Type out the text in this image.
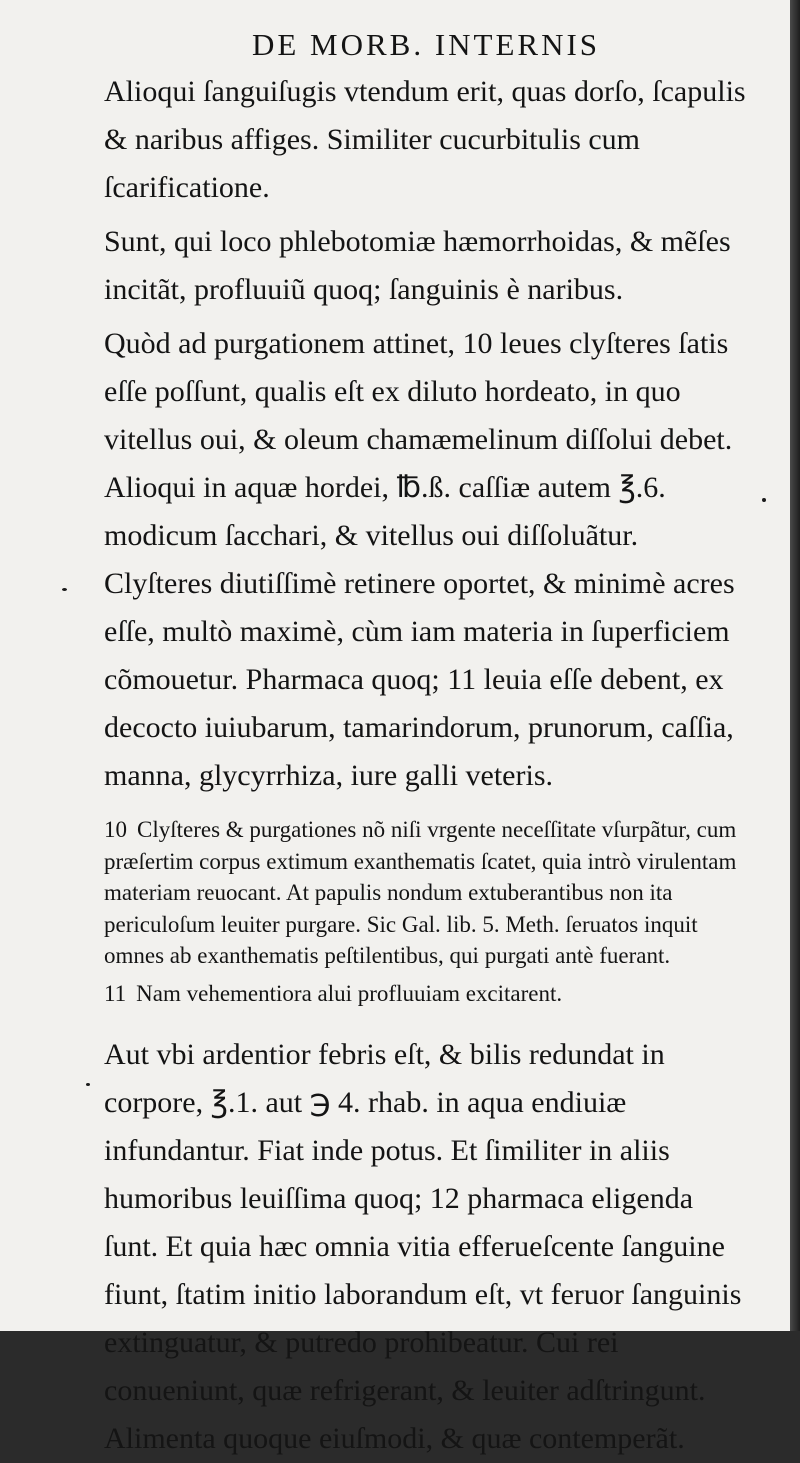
DE MORB. INTERNIS

Alioqui ſanguiſugis vtendum erit, quas dorſo, ſcapulis & naribus affiges. Similiter cucurbitulis cum ſcarificatione.

Sunt, qui loco phlebotomiæ hæmorrhoidas, & mẽſes incitãt, profluuiũ quoq; ſanguinis è naribus.

Quòd ad purgationem attinet, 10 leues clyſteres ſatis eſſe poſſunt, qualis eſt ex diluto hordeato, in quo vitellus oui, & oleum chamæmelinum diſſolui debet. Alioqui in aquæ hordei, ℔.ß. caſſiæ autem ℥.6. modicum ſacchari, & vitellus oui diſſoluãtur. Clyſteres diutiſſimè retinere oportet, & minimè acres eſſe, multò maximè, cùm iam materia in ſuperficiem cõmouetur. Pharmaca quoq; 11 leuia eſſe debent, ex decocto iuiubarum, tamarindorum, prunorum, caſſia, manna, glycyrrhiza, iure galli veteris.

10 Clyſteres & purgationes nõ niſi vrgente neceſſitate vſurpãtur, cum præſertim corpus extimum exanthematis ſcatet, quia intrò virulentam materiam reuocant. At papulis nondum extuberantibus non ita periculoſum leuiter purgare. Sic Gal. lib. 5. Meth. ſeruatos inquit omnes ab exanthematis peſtilentibus, qui purgati antè fuerant.

11 Nam vehementiora alui profluuiam excitarent.

Aut vbi ardentior febris eſt, & bilis redundat in corpore, ℥.1. aut ℈ 4. rhab. in aqua endiuiæ infundantur. Fiat inde potus. Et ſimiliter in aliis humoribus leuiſſima quoq; 12 pharmaca eligenda ſunt. Et quia hæc omnia vitia efferueſcente ſanguine fiunt, ſtatim initio laborandum eſt, vt feruor ſanguinis extinguatur, & putredo prohibeatur. Cui rei conueniunt, quæ refrigerant, & leuiter adſtringunt. Alimenta quoque eiuſmodi, & quæ contemperãt.
